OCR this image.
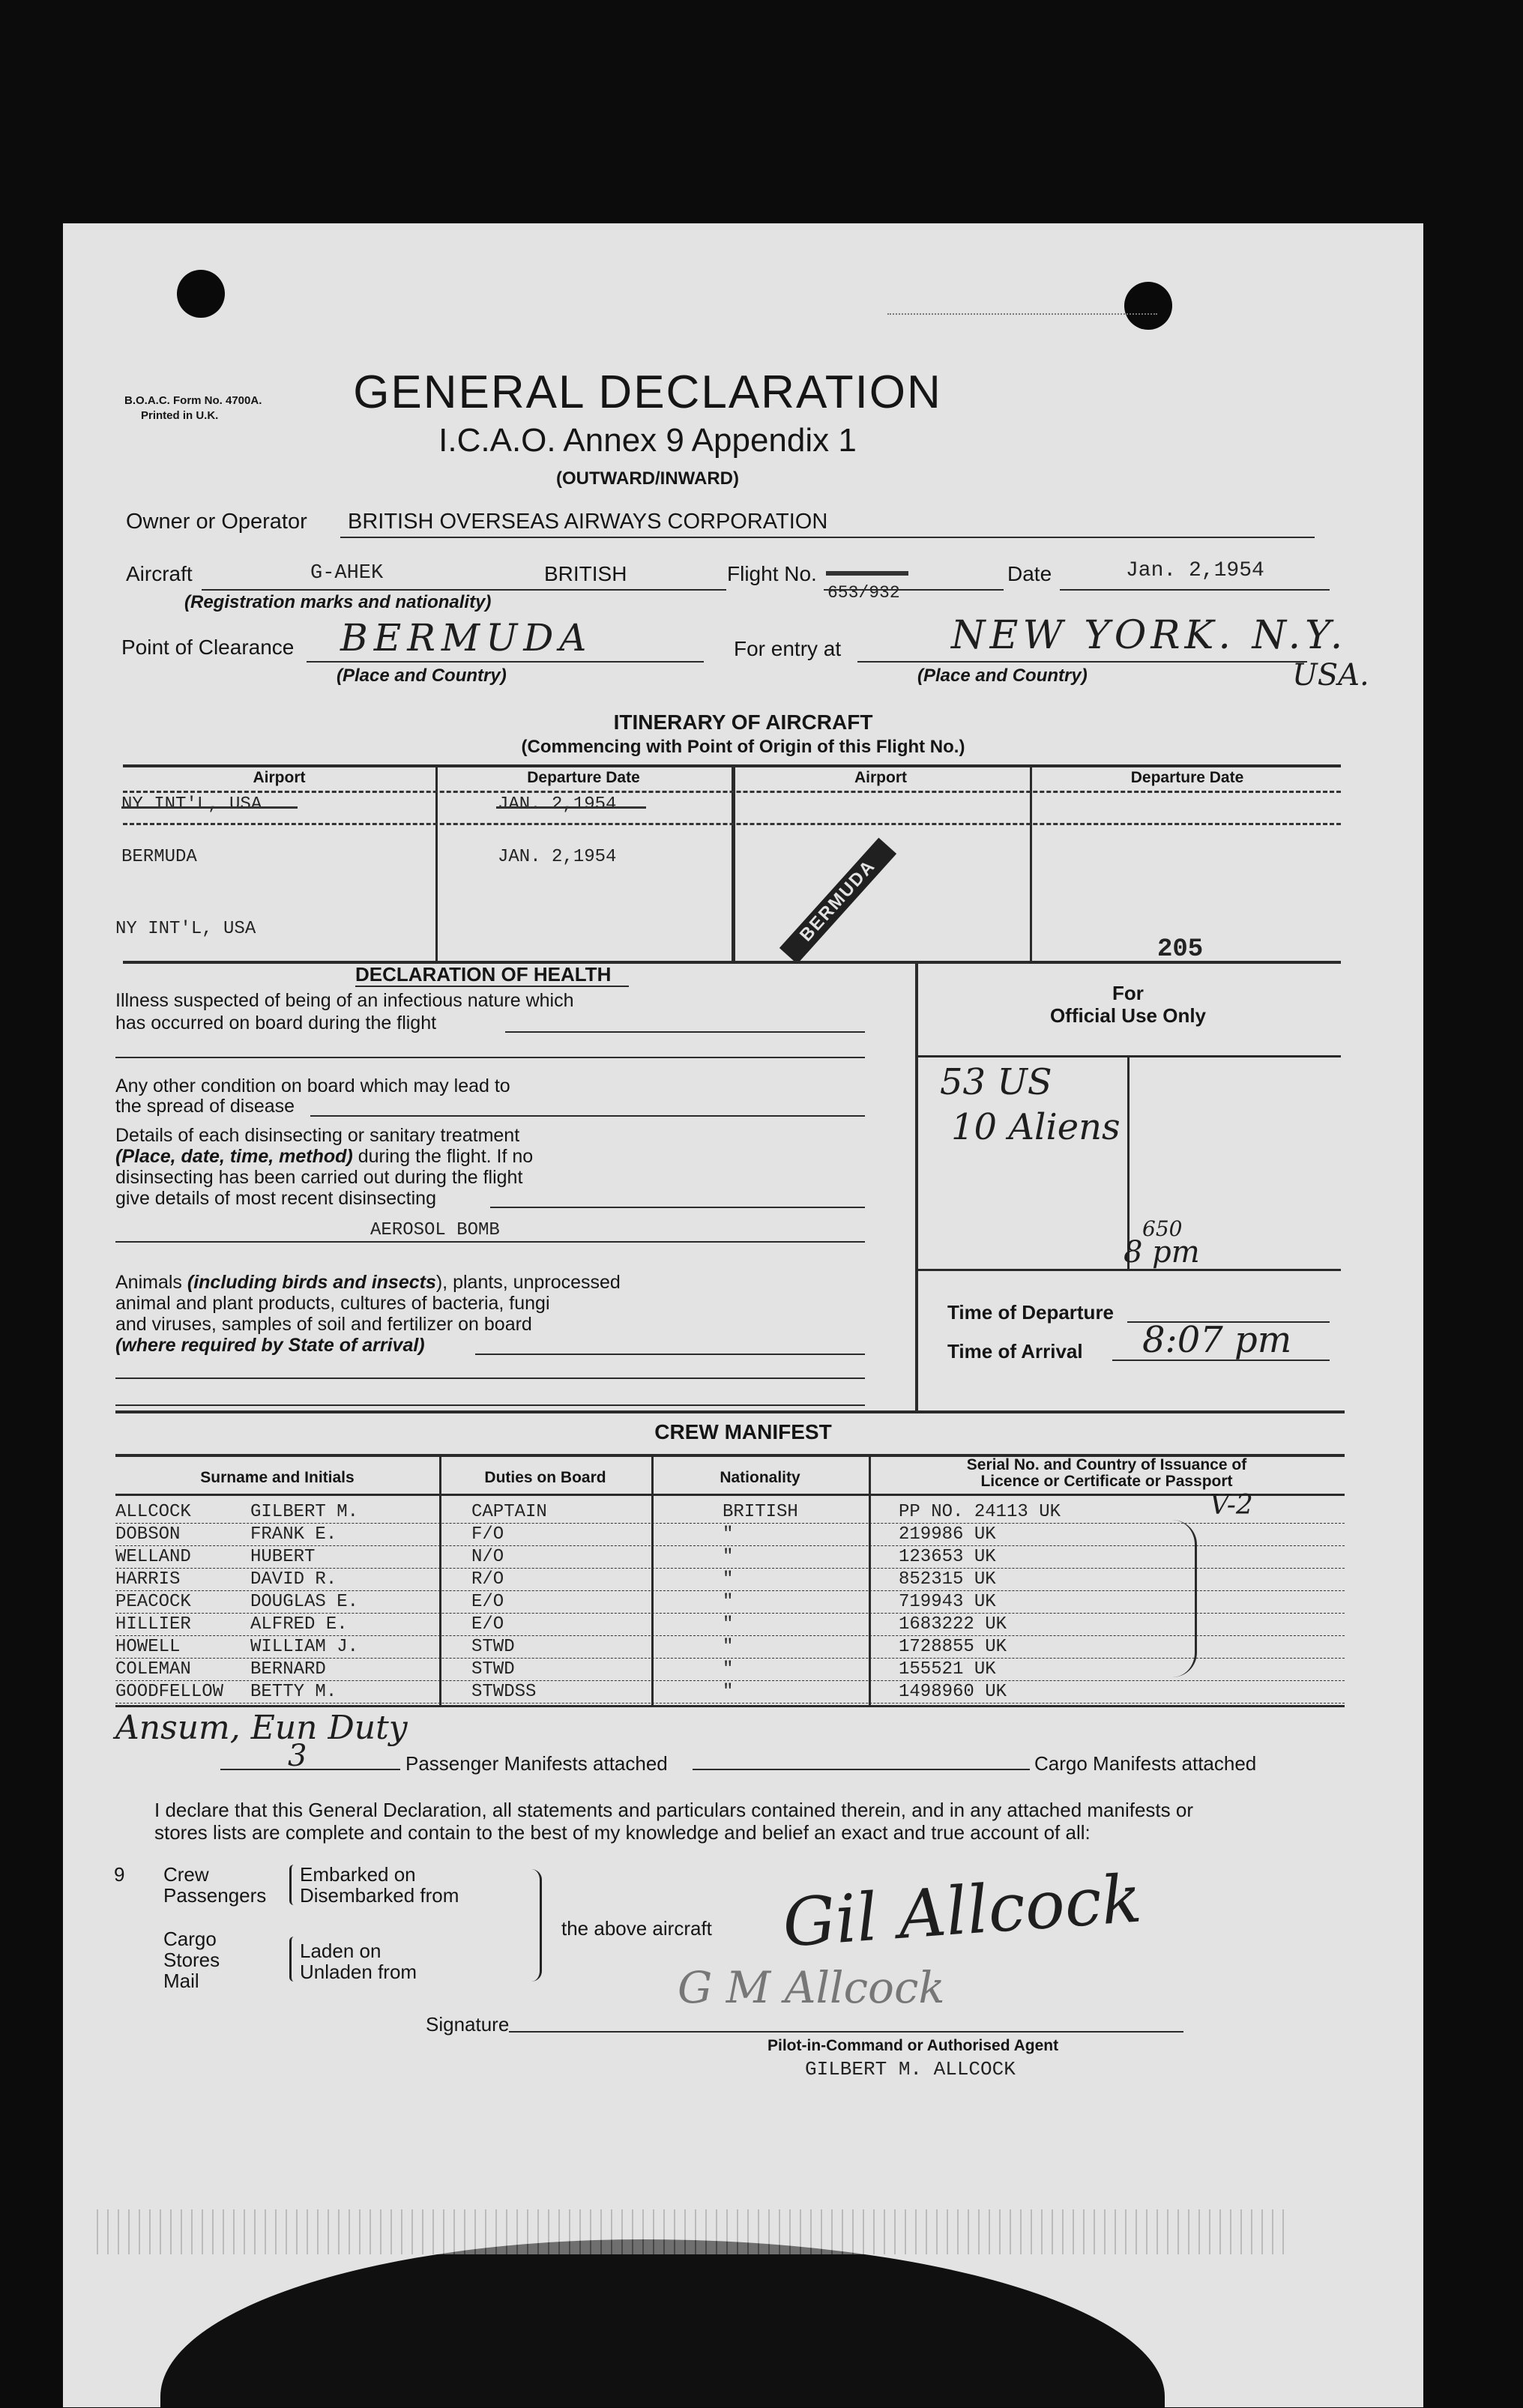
B.O.A.C. Form No. 4700A.
Printed in U.K.	GENERAL DECLARATION
I.C.A.O. Annex 9 Appendix 1
(OUTWARD/INWARD)
Owner or Operator BRITISH OVERSEAS AIRWAYS CORPORATION
Aircraft	G-AHEK	BRITISH
(Registration marks and nationality)
Flight No.
653/932
Date	Jan. 2,1954
Point of Clearance BERMUDA
(Place and Country)
For entry at	NEW YORK. N.Y.
(Place and Country)	USA.
ITINERARY OF AIRCRAFT
(Commencing with Point of Origin of this Flight No.)
Airport	Departure Date	Airport	Departure Date
NY INT'L, USA	JAN. 2,1954
BERMUDA	JAN. 2,1954	BERMUDA
NY INT'L, USA
205
DECLARATION OF HEALTH
Illness suspected of being of an infectious nature which
has occurred on board during the flight
Any other condition on board which may lead to
the spread of disease
Details of each disinsecting or sanitary treatment
(Place, date, time, method) during the flight. If no
disinsecting has been carried out during the flight
give details of most recent disinsecting
AEROSOL BOMB
Animals (including birds and insects), plants, unprocessed
animal and plant products, cultures of bacteria, fungi
and viruses, samples of soil and fertilizer on board
(where required by State of arrival)
For
Official Use Only
53 US
10 Aliens
650
8 pm
Time of Departure
Time of Arrival 8:07 pm
CREW MANIFEST
Surname and Initials	Duties on Board	Nationality
Serial No. and Country of Issuance of
Licence or Certificate or Passport
ALLCOCK	GILBERT M.	CAPTAIN	BRITISH	PP NO. 24113 UK
DOBSON	FRANK E.	F/O	"	219986 UK
WELLAND	HUBERT	N/O	"	123653 UK
HARRIS	DAVID R.	R/O	"	852315 UK
PEACOCK	DOUGLAS E.	E/O	"	719943 UK
HILLIER	ALFRED E.	E/O	"	1683222 UK
HOWELL	WILLIAM J.	STWD	"	1728855 UK
COLEMAN	BERNARD	STWD	"	155521 UK
GOODFELLOW BETTY M.	STWDSS	"	1498960 UK
V-2
Ansum, Eun Duty
3	Passenger Manifests attached	Cargo Manifests attached
I declare that this General Declaration, all statements and particulars contained therein, and in any attached manifests or
stores lists are complete and contain to the best of my knowledge and belief an exact and true account of all:
9 Crew
Passengers
Embarked on
Disembarked from
Cargo
Stores
Mail
Laden on
Unladen from
the above aircraft Gil Allcock
G M Allcock
Signature
Pilot-in-Command or Authorised Agent
GILBERT M. ALLCOCK
